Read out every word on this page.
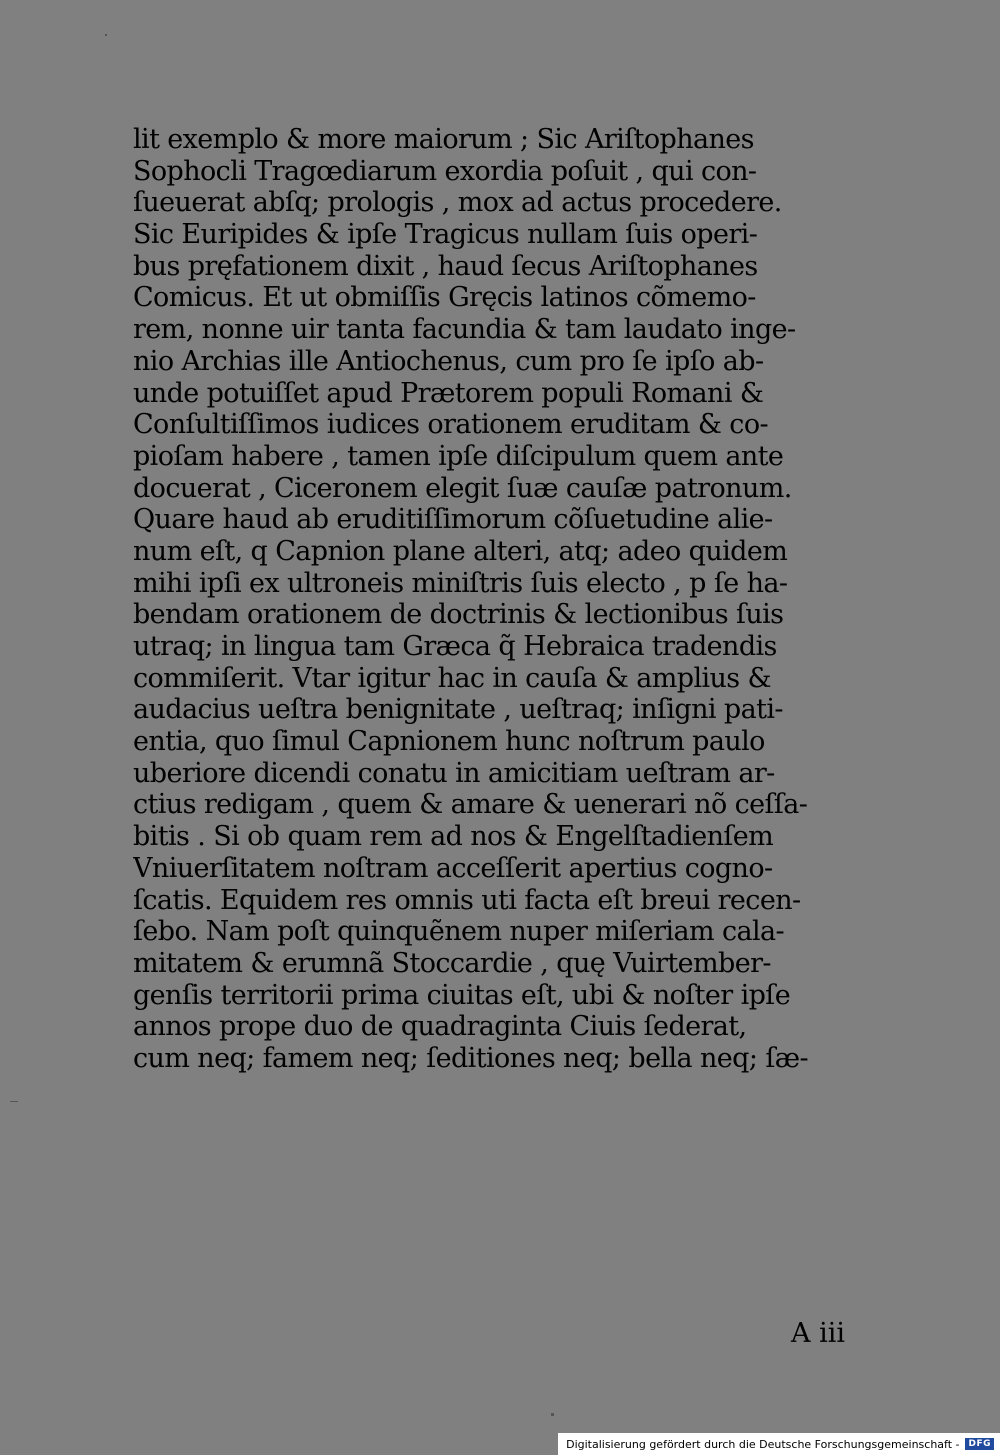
lit exemplo & more maiorum ; Sic Ariſtophanes
Sophocli Tragœdiarum exordia poſuit , qui con-
ſueuerat abſq; prologis , mox ad actus procedere.
Sic Euripides & ipſe Tragicus nullam ſuis operi-
bus pręfationem dixit , haud ſecus Ariſtophanes
Comicus. Et ut obmiſſis Gręcis latinos cõmemo-
rem, nonne uir tanta facundia & tam laudato inge-
nio Archias ille Antiochenus, cum pro ſe ipſo ab-
unde potuiſſet apud Prætorem populi Romani &
Conſultiſſimos iudices orationem eruditam & co-
pioſam habere , tamen ipſe diſcipulum quem ante
docuerat , Ciceronem elegit ſuæ cauſæ patronum.
Quare haud ab eruditiſſimorum cõſuetudine alie-
num eſt, q Capnion plane alteri, atq; adeo quidem
mihi ipſi ex ultroneis miniſtris ſuis electo , p ſe ha-
bendam orationem de doctrinis & lectionibus ſuis
utraq; in lingua tam Græca q̃ Hebraica tradendis
commiſerit. Vtar igitur hac in cauſa & amplius &
audacius ueſtra benignitate , ueſtraq; inſigni pati-
entia, quo ſimul Capnionem hunc noſtrum paulo
uberiore dicendi conatu in amicitiam ueſtram ar-
ctius redigam , quem & amare & uenerari nõ ceſſa-
bitis . Si ob quam rem ad nos & Engelſtadienſem
Vniuerſitatem noſtram acceſſerit apertius cogno-
ſcatis. Equidem res omnis uti facta eſt breui recen-
ſebo. Nam poſt quinquẽnem nuper miſeriam cala-
mitatem & erumnã Stoccardie , quę Vuirtember-
genſis territorii prima ciuitas eſt, ubi & noſter ipſe
annos prope duo de quadraginta Ciuis ſederat,
cum neq; famem neq; ſeditiones neq; bella neq; ſæ-
A iii
Digitalisierung gefördert durch die Deutsche Forschungsgemeinschaft -	DFG
